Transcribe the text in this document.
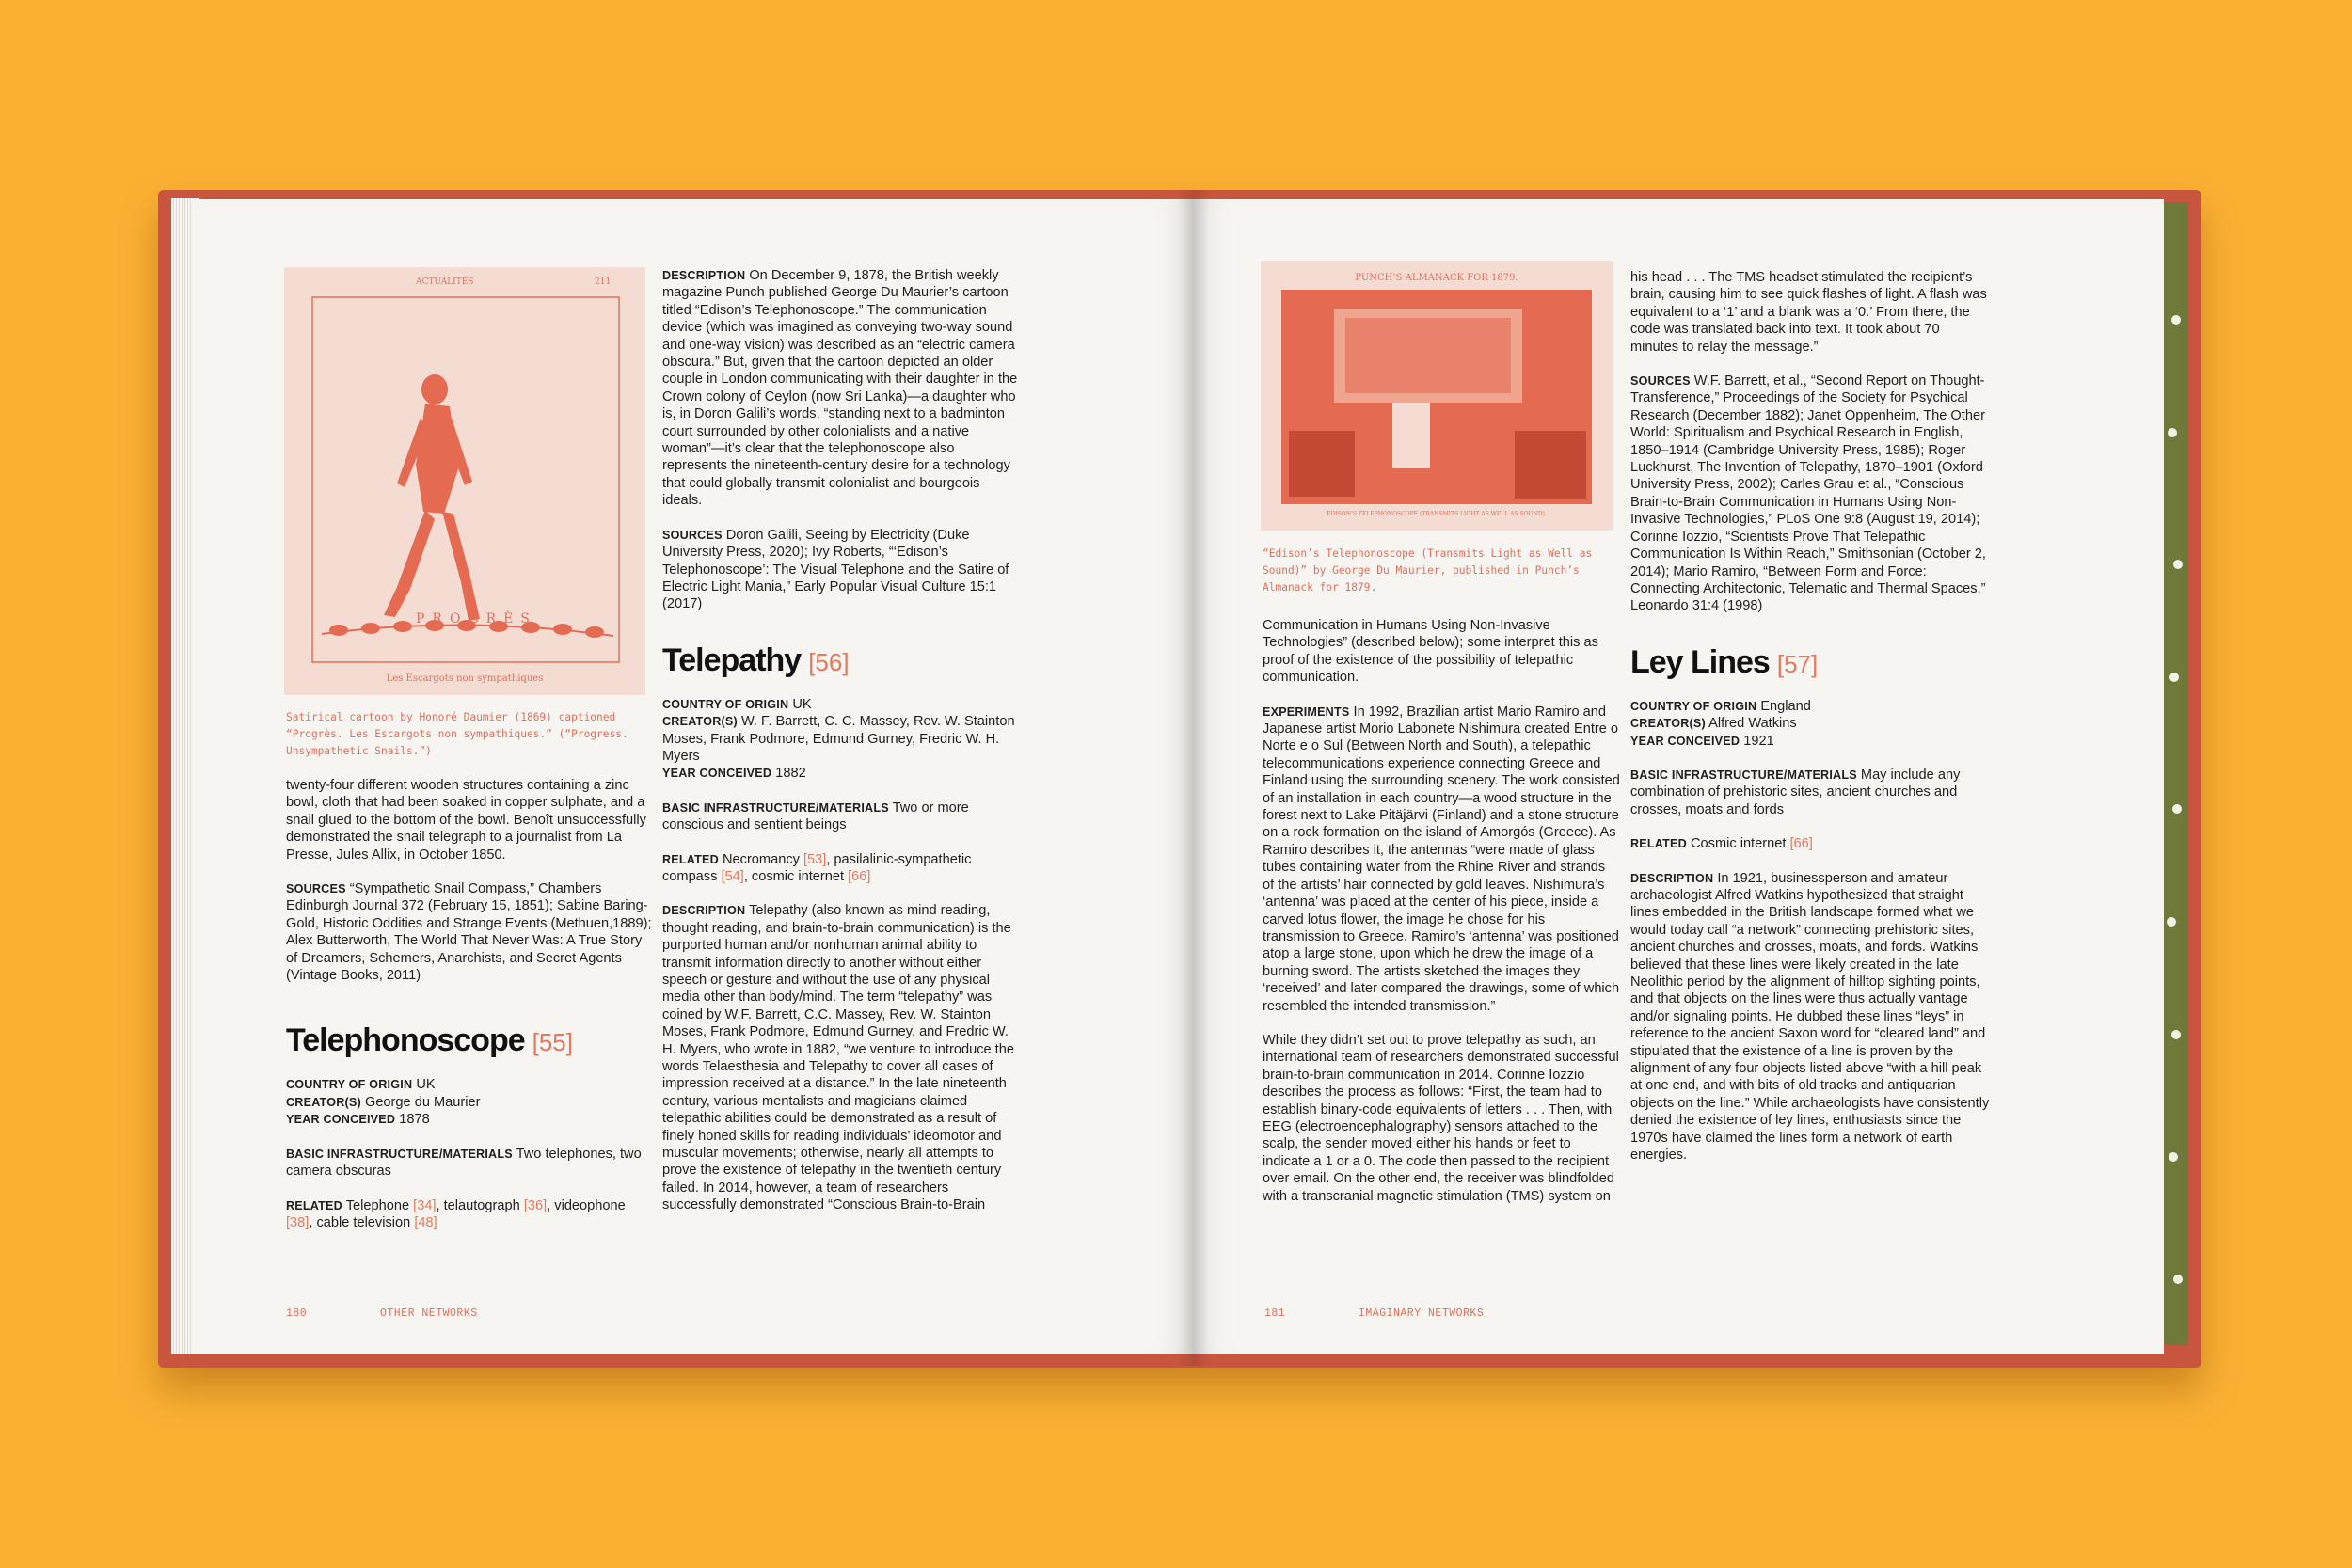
ACTUALITÉS	211
PROGRÈS
Les Escargots non sympathiques
Satirical cartoon by Honoré Daumier (1869) captioned “Progrès. Les Escargots non sympathiques.” (“Progress. Unsympathetic Snails.”)

twenty-four different wooden structures containing a zinc bowl, cloth that had been soaked in copper sulphate, and a snail glued to the bottom of the bowl. Benoît unsuccessfully demonstrated the snail telegraph to a journalist from La Presse, Jules Allix, in October 1850.

SOURCES “Sympathetic Snail Compass,” Chambers Edinburgh Journal 372 (February 15, 1851); Sabine Baring-Gold, Historic Oddities and Strange Events (Methuen,1889); Alex Butterworth, The World That Never Was: A True Story of Dreamers, Schemers, Anarchists, and Secret Agents (Vintage Books, 2011)

Telephonoscope [55]

COUNTRY OF ORIGIN UK
CREATOR(S) George du Maurier
YEAR CONCEIVED 1878

BASIC INFRASTRUCTURE/MATERIALS Two telephones, two camera obscuras

RELATED Telephone [34], telautograph [36], videophone [38], cable television [48]

DESCRIPTION On December 9, 1878, the British weekly magazine Punch published George Du Maurier’s cartoon titled “Edison’s Telephonoscope.” The communication device (which was imagined as conveying two-way sound and one-way vision) was described as an “electric camera obscura.” But, given that the cartoon depicted an older couple in London communicating with their daughter in the Crown colony of Ceylon (now Sri Lanka)—a daughter who is, in Doron Galili’s words, “standing next to a badminton court surrounded by other colonialists and a native woman”—it’s clear that the telephonoscope also represents the nineteenth-century desire for a technology that could globally transmit colonialist and bourgeois ideals.

SOURCES Doron Galili, Seeing by Electricity (Duke University Press, 2020); Ivy Roberts, “‘Edison’s Telephonoscope’: The Visual Telephone and the Satire of Electric Light Mania,” Early Popular Visual Culture 15:1 (2017)

Telepathy [56]

COUNTRY OF ORIGIN UK
CREATOR(S) W. F. Barrett, C. C. Massey, Rev. W. Stainton Moses, Frank Podmore, Edmund Gurney, Fredric W. H. Myers
YEAR CONCEIVED 1882

BASIC INFRASTRUCTURE/MATERIALS Two or more conscious and sentient beings

RELATED Necromancy [53], pasilalinic-sympathetic compass [54], cosmic internet [66]

DESCRIPTION Telepathy (also known as mind reading, thought reading, and brain-to-brain communication) is the purported human and/or nonhuman animal ability to transmit information directly to another without either speech or gesture and without the use of any physical media other than body/mind. The term “telepathy” was coined by W.F. Barrett, C.C. Massey, Rev. W. Stainton Moses, Frank Podmore, Edmund Gurney, and Fredric W. H. Myers, who wrote in 1882, “we venture to introduce the words Telaesthesia and Telepathy to cover all cases of impression received at a distance.” In the late nineteenth century, various mentalists and magicians claimed telepathic abilities could be demonstrated as a result of finely honed skills for reading individuals’ ideomotor and muscular movements; otherwise, nearly all attempts to prove the existence of telepathy in the twentieth century failed. In 2014, however, a team of researchers successfully demonstrated “Conscious Brain-to-Brain

180	OTHER NETWORKS
PUNCH’S ALMANACK FOR 1879.
EDISON’S TELEPHONOSCOPE (TRANSMITS LIGHT AS WELL AS SOUND).
“Edison’s Telephonoscope (Transmits Light as Well as Sound)” by George Du Maurier, published in Punch’s Almanack for 1879.

Communication in Humans Using Non-Invasive Technologies” (described below); some interpret this as proof of the existence of the possibility of telepathic communication.

EXPERIMENTS In 1992, Brazilian artist Mario Ramiro and Japanese artist Morio Labonete Nishimura created Entre o Norte e o Sul (Between North and South), a telepathic telecommunications experience connecting Greece and Finland using the surrounding scenery. The work consisted of an installation in each country—a wood structure in the forest next to Lake Pitäjärvi (Finland) and a stone structure on a rock formation on the island of Amorgós (Greece). As Ramiro describes it, the antennas “were made of glass tubes containing water from the Rhine River and strands of the artists’ hair connected by gold leaves. Nishimura’s ‘antenna’ was placed at the center of his piece, inside a carved lotus flower, the image he chose for his transmission to Greece. Ramiro’s ‘antenna’ was positioned atop a large stone, upon which he drew the image of a burning sword. The artists sketched the images they ‘received’ and later compared the drawings, some of which resembled the intended transmission.”

While they didn’t set out to prove telepathy as such, an international team of researchers demonstrated successful brain-to-brain communication in 2014. Corinne Iozzio describes the process as follows: “First, the team had to establish binary-code equivalents of letters . . . Then, with EEG (electroencephalography) sensors attached to the scalp, the sender moved either his hands or feet to indicate a 1 or a 0. The code then passed to the recipient over email. On the other end, the receiver was blindfolded with a transcranial magnetic stimulation (TMS) system on

his head . . . The TMS headset stimulated the recipient’s brain, causing him to see quick flashes of light. A flash was equivalent to a ‘1’ and a blank was a ‘0.’ From there, the code was translated back into text. It took about 70 minutes to relay the message.”

SOURCES W.F. Barrett, et al., “Second Report on Thought-Transference,” Proceedings of the Society for Psychical Research (December 1882); Janet Oppenheim, The Other World: Spiritualism and Psychical Research in English, 1850–1914 (Cambridge University Press, 1985); Roger Luckhurst, The Invention of Telepathy, 1870–1901 (Oxford University Press, 2002); Carles Grau et al., “Conscious Brain-to-Brain Communication in Humans Using Non-Invasive Technologies,” PLoS One 9:8 (August 19, 2014); Corinne Iozzio, “Scientists Prove That Telepathic Communication Is Within Reach,” Smithsonian (October 2, 2014); Mario Ramiro, “Between Form and Force: Connecting Architectonic, Telematic and Thermal Spaces,” Leonardo 31:4 (1998)

Ley Lines [57]

COUNTRY OF ORIGIN England
CREATOR(S) Alfred Watkins
YEAR CONCEIVED 1921

BASIC INFRASTRUCTURE/MATERIALS May include any combination of prehistoric sites, ancient churches and crosses, moats and fords

RELATED Cosmic internet [66]

DESCRIPTION In 1921, businessperson and amateur archaeologist Alfred Watkins hypothesized that straight lines embedded in the British landscape formed what we would today call “a network” connecting prehistoric sites, ancient churches and crosses, moats, and fords. Watkins believed that these lines were likely created in the late Neolithic period by the alignment of hilltop sighting points, and that objects on the lines were thus actually vantage and/or signaling points. He dubbed these lines “leys” in reference to the ancient Saxon word for “cleared land” and stipulated that the existence of a line is proven by the alignment of any four objects listed above “with a hill peak at one end, and with bits of old tracks and antiquarian objects on the line.” While archaeologists have consistently denied the existence of ley lines, enthusiasts since the 1970s have claimed the lines form a network of earth energies.

181	IMAGINARY NETWORKS
